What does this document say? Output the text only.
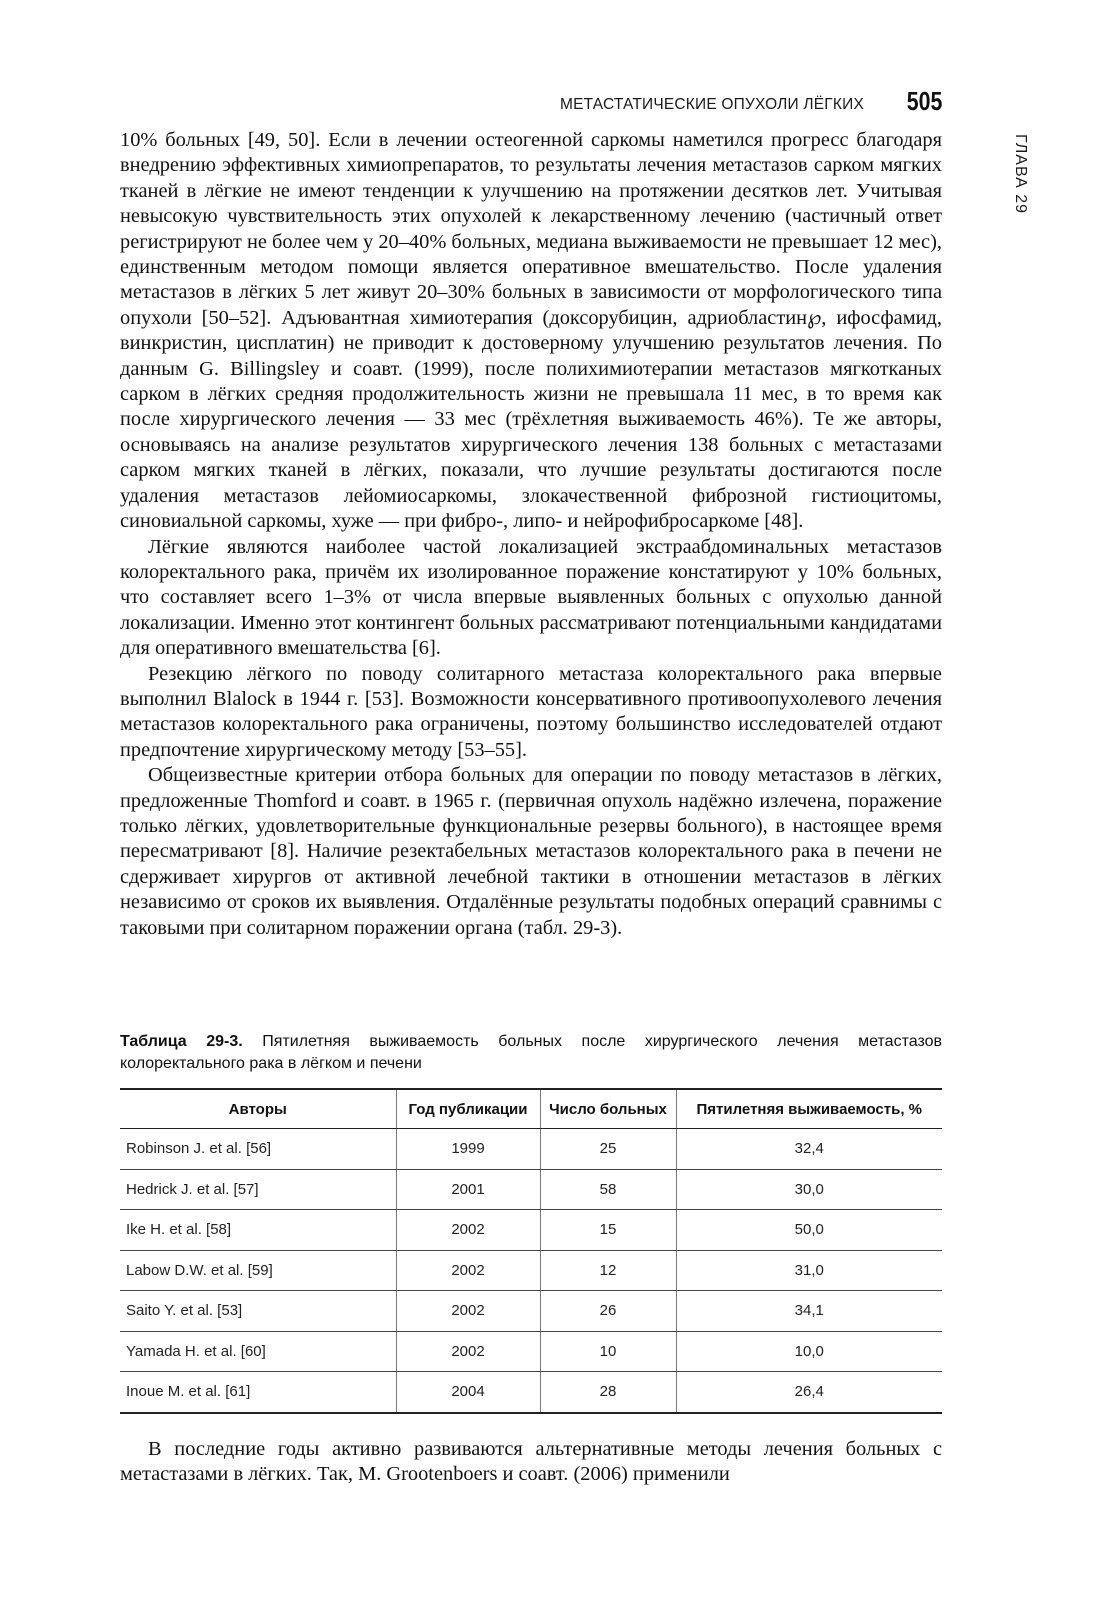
МЕТАСТАТИЧЕСКИЕ ОПУХОЛИ ЛЁГКИХ 505
ГЛАВА 29

10% больных [49, 50]. Если в лечении остеогенной саркомы наметился прогресс благодаря внедрению эффективных химиопрепаратов, то результаты лечения метастазов сарком мягких тканей в лёгкие не имеют тенденции к улучшению на протяжении десятков лет. Учитывая невысокую чувствительность этих опухолей к лекарственному лечению (частичный ответ регистрируют не более чем у 20–40% больных, медиана выживаемости не превышает 12 мес), единственным методом помощи является оперативное вмешательство. После удаления метастазов в лёгких 5 лет живут 20–30% больных в зависимости от морфологического типа опухоли [50–52]. Адъювантная химиотерапия (доксорубицин, адриобластин℘, ифосфамид, винкристин, цисплатин) не приводит к достоверному улучшению результатов лечения. По данным G. Billingsley и соавт. (1999), после полихимиотерапии метастазов мягкотканых сарком в лёгких средняя продолжительность жизни не превышала 11 мес, в то время как после хирургического лечения — 33 мес (трёхлетняя выживаемость 46%). Те же авторы, основываясь на анализе результатов хирургического лечения 138 больных с метастазами сарком мягких тканей в лёгких, показали, что лучшие результаты достигаются после удаления метастазов лейомиосаркомы, злокачественной фиброзной гистиоцитомы, синовиальной саркомы, хуже — при фибро-, липо- и нейрофибросаркоме [48].

Лёгкие являются наиболее частой локализацией экстраабдоминальных метастазов колоректального рака, причём их изолированное поражение констатируют у 10% больных, что составляет всего 1–3% от числа впервые выявленных больных с опухолью данной локализации. Именно этот контингент больных рассматривают потенциальными кандидатами для оперативного вмешательства [6].

Резекцию лёгкого по поводу солитарного метастаза колоректального рака впервые выполнил Blalock в 1944 г. [53]. Возможности консервативного противоопухолевого лечения метастазов колоректального рака ограничены, поэтому большинство исследователей отдают предпочтение хирургическому методу [53–55].

Общеизвестные критерии отбора больных для операции по поводу метастазов в лёгких, предложенные Thomford и соавт. в 1965 г. (первичная опухоль надёжно излечена, поражение только лёгких, удовлетворительные функциональные резервы больного), в настоящее время пересматривают [8]. Наличие резектабельных метастазов колоректального рака в печени не сдерживает хирургов от активной лечебной тактики в отношении метастазов в лёгких независимо от сроков их выявления. Отдалённые результаты подобных операций сравнимы с таковыми при солитарном поражении органа (табл. 29-3).

Таблица 29-3. Пятилетняя выживаемость больных после хирургического лечения метастазов колоректального рака в лёгком и печени
Авторы	Год публикации	Число больных	Пятилетняя выживаемость, %
Robinson J. et al. [56]	1999	25	32,4
Hedrick J. et al. [57]	2001	58	30,0
Ike H. et al. [58]	2002	15	50,0
Labow D.W. et al. [59]	2002	12	31,0
Saito Y. et al. [53]	2002	26	34,1
Yamada H. et al. [60]	2002	10	10,0
Inoue M. et al. [61]	2004	28	26,4

В последние годы активно развиваются альтернативные методы лечения больных с метастазами в лёгких. Так, M. Grootenboers и соавт. (2006) применили
